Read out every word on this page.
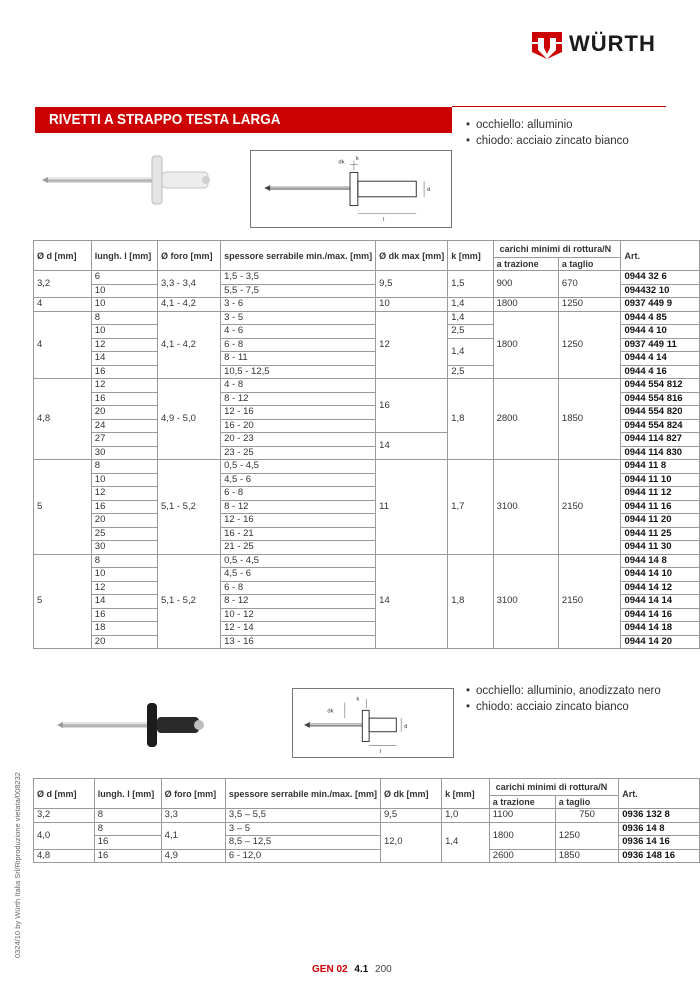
WÜRTH
RIVETTI A STRAPPO TESTA LARGA	• occhiello: alluminio
• chiodo: acciaio zincato bianco
dk
k
d
l
Ø d [mm]	lungh. l [mm]	Ø foro [mm]	spessore serrabile min./max. [mm]	Ø dk max [mm]	k [mm]	carichi minimi di rottura/N		Art.
						a trazione	a taglio	
3,2	6	3,3 - 3,4	1,5 - 3,5	9,5	1,5	900	670	0944 32 6
	10		5,5 - 7,5					094432 10
4	10	4,1 - 4,2	3 - 6	10	1,4	1800	1250	0937 449 9
4	8	4,1 - 4,2	3 - 5	12	1,4	1800	1250	0944 4 85
	10		4 - 6		2,5			0944 4 10
	12		6 - 8		1,4			0937 449 11
	14		8 - 11					0944 4 14
	16		10,5 - 12,5		2,5			0944 4 16
4,8	12	4,9 - 5,0	4 - 8	16	1,8	2800	1850	0944 554 812
	16		8 - 12					0944 554 816
	20		12 - 16					0944 554 820
	24		16 - 20					0944 554 824
	27		20 - 23	14				0944 114 827
	30		23 - 25					0944 114 830
5	8	5,1 - 5,2	0,5 - 4,5	11	1,7	3100	2150	0944 11 8
	10		4,5 - 6					0944 11 10
	12		6 - 8					0944 11 12
	16		8 - 12					0944 11 16
	20		12 - 16					0944 11 20
	25		16 - 21					0944 11 25
	30		21 - 25					0944 11 30
5	8	5,1 - 5,2	0,5 - 4,5	14	1,8	3100	2150	0944 14 8
	10		4,5 - 6					0944 14 10
	12		6 - 8					0944 14 12
	14		8 - 12					0944 14 14
	16		10 - 12					0944 14 16
	18		12 - 14					0944 14 18
	20		13 - 16					0944 14 20
dk
k
d
l
• occhiello: alluminio, anodizzato nero
• chiodo: acciaio zincato bianco
Ø d [mm]	lungh. l [mm]	Ø foro [mm]	spessore serrabile min./max. [mm]	Ø dk [mm]	k [mm]	carichi minimi di rottura/N		Art.
						a trazione	a taglio	
3,2	8	3,3	3,5 – 5,5	9,5	1,0	1100	750	0936 132 8
4,0	8	4,1	3 – 5	12,0	1,4	1800	1250	0936 14 8
	16		8,5 – 12,5					0936 14 16
4,8	16	4,9	6 - 12,0			2600	1850	0936 148 16
0324/10 by Würth Italia Srl/Riproduzione vietata/008232
GEN 02 4.1 200
